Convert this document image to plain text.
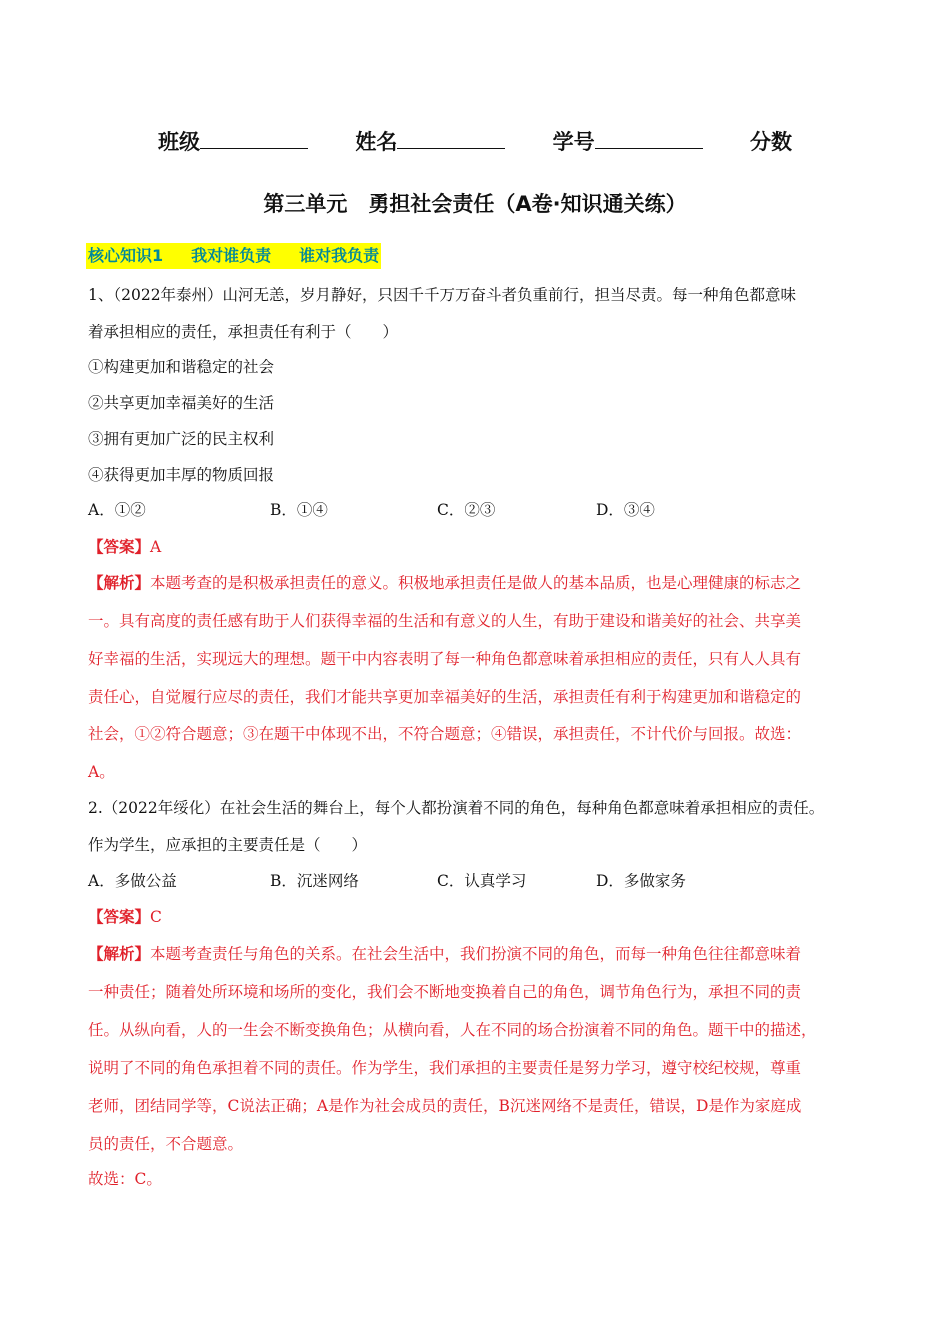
班级	姓名	学号	分数
第三单元　勇担社会责任（A卷·知识通关练）
核心知识1 我对谁负责 谁对我负责
1、（2022年泰州）山河无恙，岁月静好，只因千千万万奋斗者负重前行，担当尽责。每一种角色都意味
着承担相应的责任，承担责任有利于（　　）
①构建更加和谐稳定的社会
②共享更加幸福美好的生活
③拥有更加广泛的民主权利
④获得更加丰厚的物质回报
A．①②	B．①④	C．②③	D．③④
【答案】A
【解析】本题考查的是积极承担责任的意义。积极地承担责任是做人的基本品质，也是心理健康的标志之
一。具有高度的责任感有助于人们获得幸福的生活和有意义的人生，有助于建设和谐美好的社会、共享美
好幸福的生活，实现远大的理想。题干中内容表明了每一种角色都意味着承担相应的责任，只有人人具有
责任心，自觉履行应尽的责任，我们才能共享更加幸福美好的生活，承担责任有利于构建更加和谐稳定的
社会，①②符合题意；③在题干中体现不出，不符合题意；④错误，承担责任，不计代价与回报。故选：
A。
2.（2022年绥化）在社会生活的舞台上，每个人都扮演着不同的角色，每种角色都意味着承担相应的责任。
作为学生，应承担的主要责任是（　　）
A．多做公益	B．沉迷网络	C．认真学习	D．多做家务
【答案】C
【解析】本题考查责任与角色的关系。在社会生活中，我们扮演不同的角色，而每一种角色往往都意味着
一种责任；随着处所环境和场所的变化，我们会不断地变换着自己的角色，调节角色行为，承担不同的责
任。从纵向看，人的一生会不断变换角色；从横向看，人在不同的场合扮演着不同的角色。题干中的描述，
说明了不同的角色承担着不同的责任。作为学生，我们承担的主要责任是努力学习，遵守校纪校规，尊重
老师，团结同学等，C说法正确；A是作为社会成员的责任，B沉迷网络不是责任，错误，D是作为家庭成
员的责任，不合题意。
故选：C。
